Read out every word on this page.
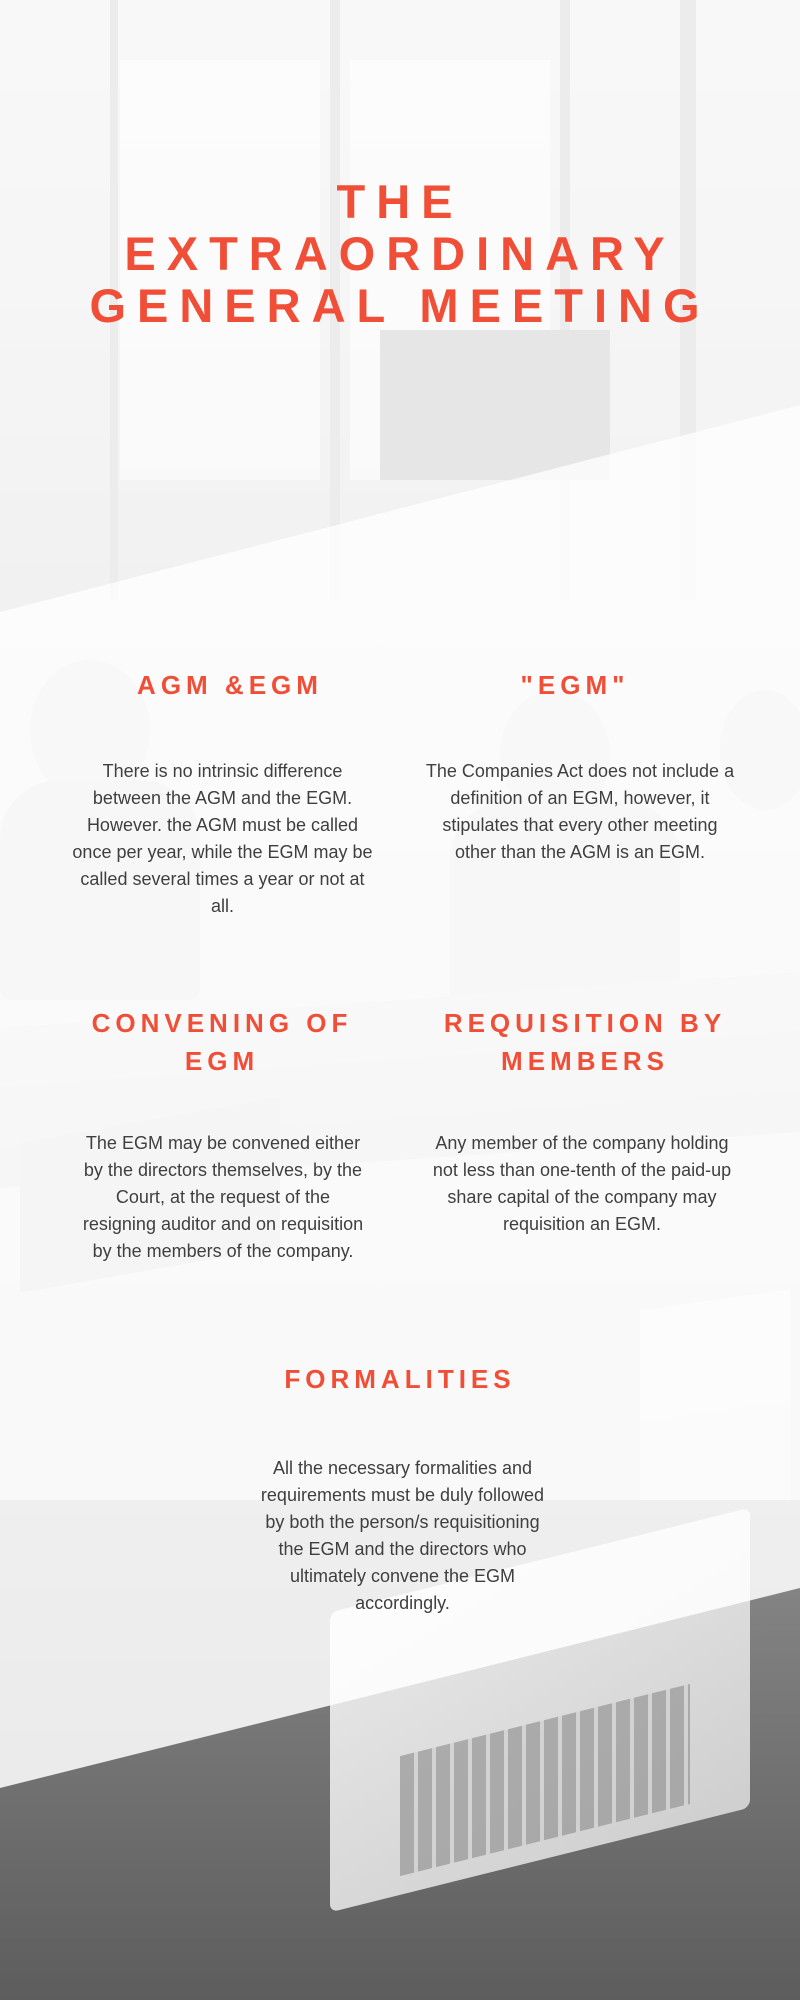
THE
EXTRAORDINARY
GENERAL MEETING
AGM &EGM

There is no intrinsic difference between the AGM and the EGM. However. the AGM must be called once per year, while the EGM may be called several times a year or not at all.

"EGM"

The Companies Act does not include a definition of an EGM, however, it stipulates that every other meeting other than the AGM is an EGM.

CONVENING OF EGM

The EGM may be convened either by the directors themselves, by the Court, at the request of the resigning auditor and on requisition by the members of the company.

REQUISITION BY MEMBERS

Any member of the company holding not less than one-tenth of the paid-up share capital of the company may requisition an EGM.

FORMALITIES

All the necessary formalities and requirements must be duly followed by both the person/s requisitioning the EGM and the directors who ultimately convene the EGM accordingly.
